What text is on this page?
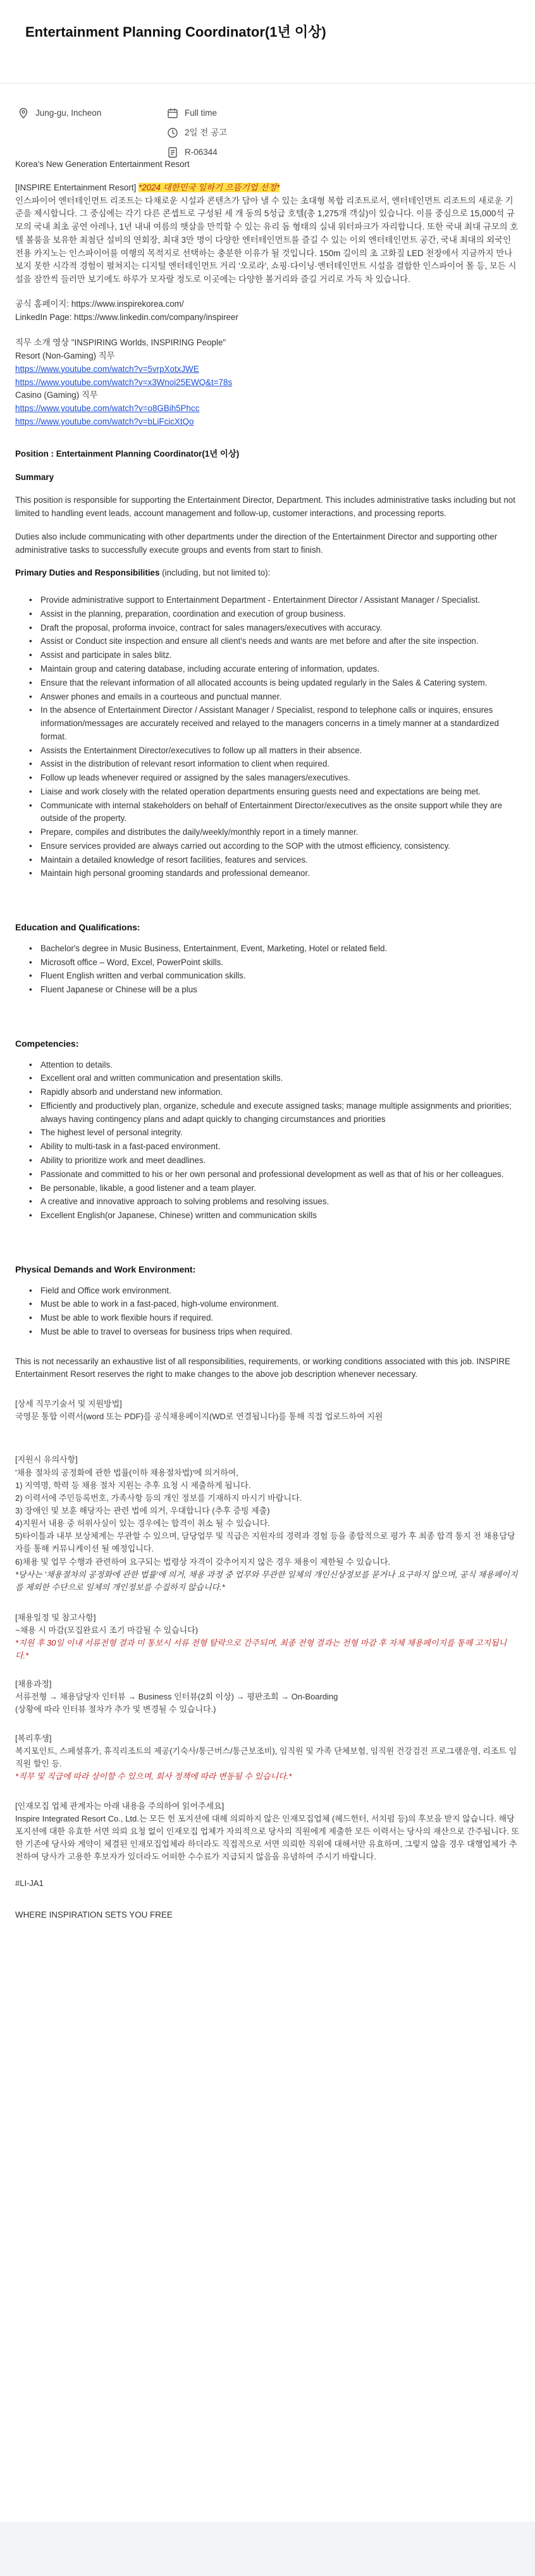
Entertainment Planning Coordinator(1년 이상)
Jung-gu, Incheon	Full time
2일 전 공고
R-06344

Korea's New Generation Entertainment Resort

[INSPIRE Entertainment Resort] *2024 대한민국 일하기 으뜸기업 선정*
인스파이어 엔터테인먼트 리조트는 다채로운 시설과 콘텐츠가 담아 낼 수 있는 초대형 복합 리조트로서, 엔터테인먼트 리조트의 새로운 기준을 제시합니다. 그 중심에는 각기 다른 콘셉트로 구성된 세 개 동의 5성급 호텔(총 1,275개 객실)이 있습니다. 이를 중심으로 15,000석 규모의 국내 최초 공연 아레나, 1년 내내 여름의 햇살을 만끽할 수 있는 유리 돔 형태의 실내 워터파크가 자리합니다. 또한 국내 최대 규모의 호텔 볼룸을 보유한 최첨단 설비의 연회장, 최대 3만 명이 다양한 엔터테인먼트를 즐길 수 있는 이외 엔터테인먼트 공간, 국내 최대의 외국인 전용 카지노는 인스파이어를 여행의 목적지로 선택하는 충분한 이유가 될 것입니다. 150m 길이의 초 고화질 LED 천장에서 지금까지 만나보지 못한 시각적 경험이 펼쳐지는 디지털 엔터테인먼트 거리 '오로라', 쇼핑·다이닝·엔터테인먼트 시설을 결합한 인스파이어 몰 등, 모든 시설을 잠깐씩 들러만 보기에도 하루가 모자랄 정도로 이곳에는 다양한 볼거리와 즐길 거리로 가득 차 있습니다.
공식 홈페이지: https://www.inspirekorea.com/
LinkedIn Page: https://www.linkedin.com/company/inspireer
직무 소개 영상 "INSPIRING Worlds, INSPIRING People"
Resort (Non-Gaming) 직무
https://www.youtube.com/watch?v=5vrpXotxJWE
https://www.youtube.com/watch?v=x3Wnoi25EWQ&t=78s
Casino (Gaming) 직무
https://www.youtube.com/watch?v=o8GBih5Phcc
https://www.youtube.com/watch?v=bLiFcicXtQo

Position : Entertainment Planning Coordinator(1년 이상)

Summary

This position is responsible for supporting the Entertainment Director, Department. This includes administrative tasks including but not limited to handling event leads, account management and follow-up, customer interactions, and processing reports.

Duties also include communicating with other departments under the direction of the Entertainment Director and supporting other administrative tasks to successfully execute groups and events from start to finish.

Primary Duties and Responsibilities (including, but not limited to):

• Provide administrative support to Entertainment Department - Entertainment Director / Assistant Manager / Specialist.
• Assist in the planning, preparation, coordination and execution of group business.
• Draft the proposal, proforma invoice, contract for sales managers/executives with accuracy.
• Assist or Conduct site inspection and ensure all client's needs and wants are met before and after the site inspection.
• Assist and participate in sales blitz.
• Maintain group and catering database, including accurate entering of information, updates.
• Ensure that the relevant information of all allocated accounts is being updated regularly in the Sales & Catering system.
• Answer phones and emails in a courteous and punctual manner.
• In the absence of Entertainment Director / Assistant Manager / Specialist, respond to telephone calls or inquires, ensures information/messages are accurately received and relayed to the managers concerns in a timely manner at a standardized format.
• Assists the Entertainment Director/executives to follow up all matters in their absence.
• Assist in the distribution of relevant resort information to client when required.
• Follow up leads whenever required or assigned by the sales managers/executives.
• Liaise and work closely with the related operation departments ensuring guests need and expectations are being met.
• Communicate with internal stakeholders on behalf of Entertainment Director/executives as the onsite support while they are outside of the property.
• Prepare, compiles and distributes the daily/weekly/monthly report in a timely manner.
• Ensure services provided are always carried out according to the SOP with the utmost efficiency, consistency.
• Maintain a detailed knowledge of resort facilities, features and services.
• Maintain high personal grooming standards and professional demeanor.
Education and Qualifications:
• Bachelor's degree in Music Business, Entertainment, Event, Marketing, Hotel or related field.
• Microsoft office – Word, Excel, PowerPoint skills.
• Fluent English written and verbal communication skills.
• Fluent Japanese or Chinese will be a plus
Competencies:
• Attention to details.
• Excellent oral and written communication and presentation skills.
• Rapidly absorb and understand new information.
• Efficiently and productively plan, organize, schedule and execute assigned tasks; manage multiple assignments and priorities; always having contingency plans and adapt quickly to changing circumstances and priorities
• The highest level of personal integrity.
• Ability to multi-task in a fast-paced environment.
• Ability to prioritize work and meet deadlines.
• Passionate and committed to his or her own personal and professional development as well as that of his or her colleagues.
• Be personable, likable, a good listener and a team player.
• A creative and innovative approach to solving problems and resolving issues.
• Excellent English(or Japanese, Chinese) written and communication skills
Physical Demands and Work Environment:
• Field and Office work environment.
• Must be able to work in a fast-paced, high-volume environment.
• Must be able to work flexible hours if required.
• Must be able to travel to overseas for business trips when required.

This is not necessarily an exhaustive list of all responsibilities, requirements, or working conditions associated with this job. INSPIRE Entertainment Resort reserves the right to make changes to the above job description whenever necessary.

[상세 직무기술서 및 지원방법]
국영문 통합 이력서(word 또는 PDF)를 공식채용페이지(WD로 연결됩니다)를 통해 직접 업로드하여 지원
[지원시 유의사항]
'채용 절차의 공정화에 관한 법률(이하 채용절차법)'에 의거하여,
1) 지역명, 학력 등 채용 절차 지원는 추후 요청 시 제출하게 됩니다.
2) 이력서에 주민등록번호, 가족사항 등의 개인 정보를 기재하지 마시기 바랍니다.
3) 장애인 및 보훈 해당자는 관련 법에 의거, 우대합니다 (추후 증빙 제출)
4)지원서 내용 중 허위사실이 있는 경우에는 합격이 취소 될 수 있습니다.
5)타이틀과 내부 보상체계는 무관할 수 있으며, 담당업무 및 직급은 지원자의 경력과 경험 등을 종합적으로 평가 후 최종 합격 통지 전 채용담당자를 통해 커뮤니케이션 될 예정입니다.
6)채용 및 업무 수행과 관련하여 요구되는 법령상 자격이 갖추어지지 않은 경우 채용이 제한될 수 있습니다.
*당사는 '채용절차의 공정화에 관한 법률'에 의거, 채용 과정 중 업무와 무관한 일체의 개인신상정보를 묻거나 요구하지 않으며, 공식 채용페이지를 제외한 수단으로 일체의 개인정보를 수집하지 않습니다.*
[채용일정 및 참고사항]
~채용 시 마감(모집완료시 조기 마감될 수 있습니다)
*지원 후 30일 이내 서류전형 결과 미 통보시 서류 전형 탈락으로 간주되며, 최종 전형 결과는 전형 마감 후 자체 채용페이지를 통해 고지됩니다.*
[채용과정]
서류전형 → 채용담당자 인터뷰 → Business 인터뷰(2회 이상) → 평판조회 → On-Boarding
(상황에 따라 인터뷰 절차가 추가 및 변경될 수 있습니다.)
[복리후생]
복지포인트, 스페셜휴가, 휴직리조트의 제공(기숙사/통근버스/통근보조비), 임직원 및 가족 단체보험, 임직원 건강검진 프로그램운영, 리조트 임직원 할인 등.
*직무 및 직급에 따라 상이할 수 있으며, 회사 정책에 따라 변동될 수 있습니다.*
[인재모집 업체 관계자는 아래 내용을 주의하여 읽어주세요]
Inspire Integrated Resort Co., Ltd.는 모든 헌 포지션에 대해 의뢰하지 않은 인재모집업체 (헤드헌터, 서치펌 등)의 후보을 받지 않습니다. 해당 포지션에 대한 유효한 서면 의뢰 요청 없이 인재모집 업체가 자의적으로 당사의 직원에게 제출한 모든 이력서는 당사의 재산으로 간주됩니다. 또한 기존에 당사와 계약이 체결된 인재모집업체라 하더라도 직접적으로 서면 의뢰한 직위에 대해서만 유효하며, 그렇지 않을 경우 대행업체가 추천하여 당사가 고용한 후보자가 있더라도 어떠한 수수료가 지급되지 않음을 유념하여 주시기 바랍니다.

#LI-JA1

WHERE INSPIRATION SETS YOU FREE
